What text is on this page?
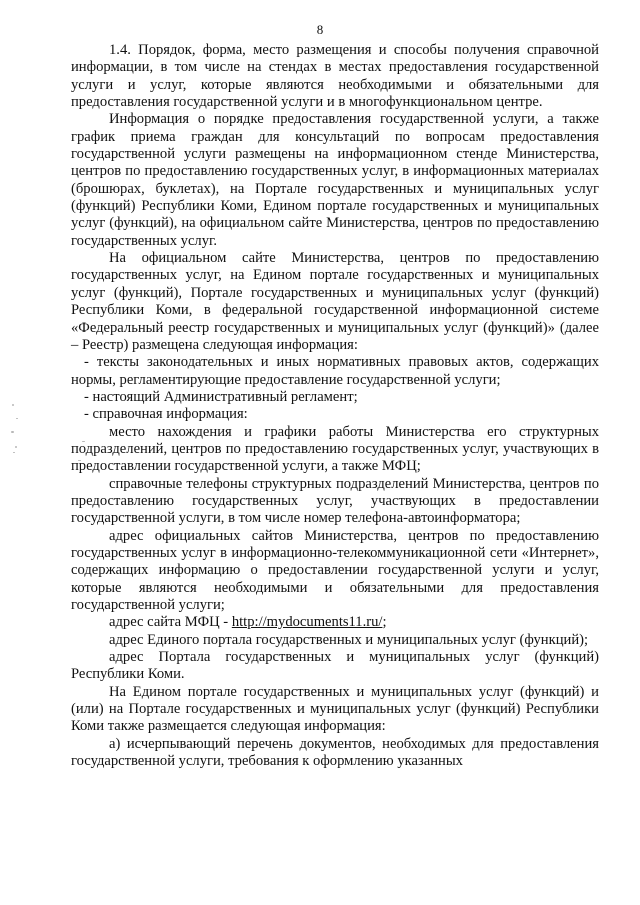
8

1.4. Порядок, форма, место размещения и способы получения справочной информации, в том числе на стендах в местах предоставления государственной услуги и услуг, которые являются необходимыми и обязательными для предоставления государственной услуги и в многофункциональном центре.

Информация о порядке предоставления государственной услуги, а также график приема граждан для консультаций по вопросам предоставления государственной услуги размещены на информационном стенде Министерства, центров по предоставлению государственных услуг, в информационных материалах (брошюрах, буклетах), на Портале государственных и муниципальных услуг (функций) Республики Коми, Едином портале государственных и муниципальных услуг (функций), на официальном сайте Министерства, центров по предоставлению государственных услуг.

На официальном сайте Министерства, центров по предоставлению государственных услуг, на Едином портале государственных и муниципальных услуг (функций), Портале государственных и муниципальных услуг (функций) Республики Коми, в федеральной государственной информационной системе «Федеральный реестр государственных и муниципальных услуг (функций)» (далее – Реестр) размещена следующая информация:

- тексты законодательных и иных нормативных правовых актов, содержащих нормы, регламентирующие предоставление государственной услуги;

- настоящий Административный регламент;

- справочная информация:

место нахождения и графики работы Министерства его структурных подразделений, центров по предоставлению государственных услуг, участвующих в предоставлении государственной услуги, а также МФЦ;

справочные телефоны структурных подразделений Министерства, центров по предоставлению государственных услуг, участвующих в предоставлении государственной услуги, в том числе номер телефона-автоинформатора;

адрес официальных сайтов Министерства, центров по предоставлению государственных услуг в информационно-телекоммуникационной сети «Интернет», содержащих информацию о предоставлении государственной услуги и услуг, которые являются необходимыми и обязательными для предоставления государственной услуги;

адрес сайта МФЦ - http://mydocuments11.ru/;

адрес Единого портала государственных и муниципальных услуг (функций);

адрес Портала государственных и муниципальных услуг (функций) Республики Коми.

На Едином портале государственных и муниципальных услуг (функций) и (или) на Портале государственных и муниципальных услуг (функций) Республики Коми также размещается следующая информация:

а) исчерпывающий перечень документов, необходимых для предоставления государственной услуги, требования к оформлению указанных
